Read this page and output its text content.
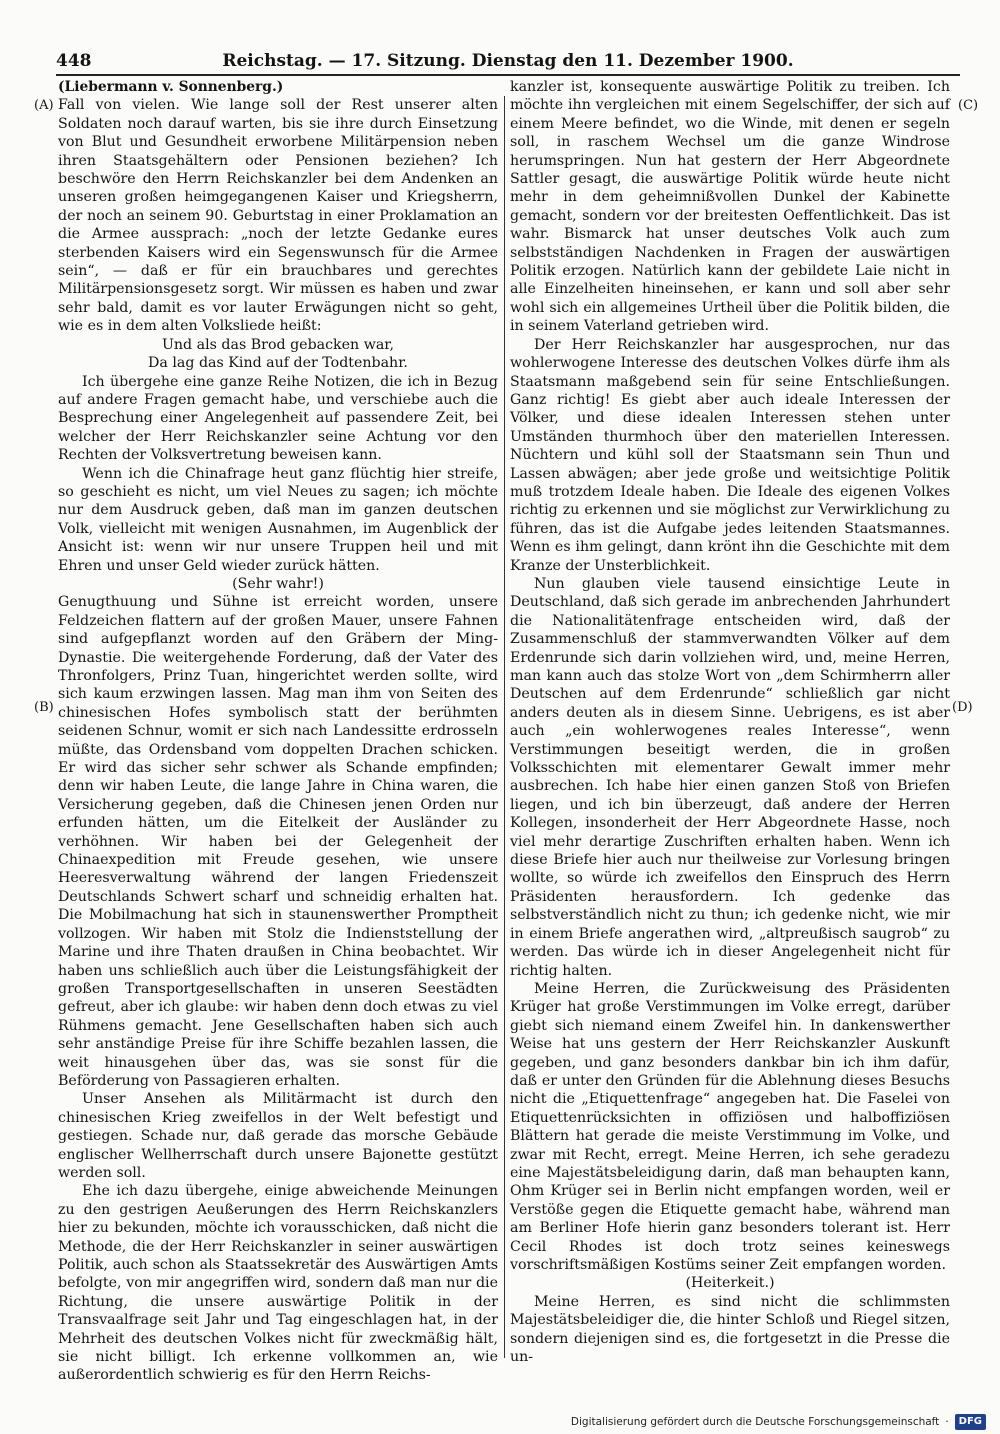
448	Reichstag. — 17. Sitzung. Dienstag den 11. Dezember 1900.
(A)
(B)
(C)
(D)

(Liebermann v. Sonnenberg.)

Fall von vielen. Wie lange soll der Rest unserer alten Soldaten noch darauf warten, bis sie ihre durch Einsetzung von Blut und Gesundheit erworbene Militärpension neben ihren Staatsgehältern oder Pensionen beziehen? Ich beschwöre den Herrn Reichskanzler bei dem Andenken an unseren großen heimgegangenen Kaiser und Kriegsherrn, der noch an seinem 90. Geburtstag in einer Proklamation an die Armee aussprach: „noch der letzte Gedanke eures sterbenden Kaisers wird ein Segenswunsch für die Armee sein“, — daß er für ein brauchbares und gerechtes Militärpensionsgesetz sorgt. Wir müssen es haben und zwar sehr bald, damit es vor lauter Erwägungen nicht so geht, wie es in dem alten Volksliede heißt:

Und als das Brod gebacken war,
Da lag das Kind auf der Todtenbahr.

Ich übergehe eine ganze Reihe Notizen, die ich in Bezug auf andere Fragen gemacht habe, und verschiebe auch die Besprechung einer Angelegenheit auf passendere Zeit, bei welcher der Herr Reichskanzler seine Achtung vor den Rechten der Volksvertretung beweisen kann.

Wenn ich die Chinafrage heut ganz flüchtig hier streife, so geschieht es nicht, um viel Neues zu sagen; ich möchte nur dem Ausdruck geben, daß man im ganzen deutschen Volk, vielleicht mit wenigen Ausnahmen, im Augenblick der Ansicht ist: wenn wir nur unsere Truppen heil und mit Ehren und unser Geld wieder zurück hätten.

(Sehr wahr!)

Genugthuung und Sühne ist erreicht worden, unsere Feldzeichen flattern auf der großen Mauer, unsere Fahnen sind aufgepflanzt worden auf den Gräbern der Ming-Dynastie. Die weitergehende Forderung, daß der Vater des Thronfolgers, Prinz Tuan, hingerichtet werden sollte, wird sich kaum erzwingen lassen. Mag man ihm von Seiten des chinesischen Hofes symbolisch statt der berühmten seidenen Schnur, womit er sich nach Landessitte erdrosseln müßte, das Ordensband vom doppelten Drachen schicken. Er wird das sicher sehr schwer als Schande empfinden; denn wir haben Leute, die lange Jahre in China waren, die Versicherung gegeben, daß die Chinesen jenen Orden nur erfunden hätten, um die Eitelkeit der Ausländer zu verhöhnen. Wir haben bei der Gelegenheit der Chinaexpedition mit Freude gesehen, wie unsere Heeresverwaltung während der langen Friedenszeit Deutschlands Schwert scharf und schneidig erhalten hat. Die Mobilmachung hat sich in staunenswerther Promptheit vollzogen. Wir haben mit Stolz die Indienststellung der Marine und ihre Thaten draußen in China beobachtet. Wir haben uns schließlich auch über die Leistungsfähigkeit der großen Transportgesellschaften in unseren Seestädten gefreut, aber ich glaube: wir haben denn doch etwas zu viel Rühmens gemacht. Jene Gesellschaften haben sich auch sehr anständige Preise für ihre Schiffe bezahlen lassen, die weit hinausgehen über das, was sie sonst für die Beförderung von Passagieren erhalten.

Unser Ansehen als Militärmacht ist durch den chinesischen Krieg zweifellos in der Welt befestigt und gestiegen. Schade nur, daß gerade das morsche Gebäude englischer Wellherrschaft durch unsere Bajonette gestützt werden soll.

Ehe ich dazu übergehe, einige abweichende Meinungen zu den gestrigen Aeußerungen des Herrn Reichskanzlers hier zu bekunden, möchte ich vorausschicken, daß nicht die Methode, die der Herr Reichskanzler in seiner auswärtigen Politik, auch schon als Staatssekretär des Auswärtigen Amts befolgte, von mir angegriffen wird, sondern daß man nur die Richtung, die unsere auswärtige Politik in der Transvaalfrage seit Jahr und Tag eingeschlagen hat, in der Mehrheit des deutschen Volkes nicht für zweckmäßig hält, sie nicht billigt. Ich erkenne vollkommen an, wie außerordentlich schwierig es für den Herrn Reichs-

kanzler ist, konsequente auswärtige Politik zu treiben. Ich möchte ihn vergleichen mit einem Segelschiffer, der sich auf einem Meere befindet, wo die Winde, mit denen er segeln soll, in raschem Wechsel um die ganze Windrose herumspringen. Nun hat gestern der Herr Abgeordnete Sattler gesagt, die auswärtige Politik würde heute nicht mehr in dem geheimnißvollen Dunkel der Kabinette gemacht, sondern vor der breitesten Oeffentlichkeit. Das ist wahr. Bismarck hat unser deutsches Volk auch zum selbstständigen Nachdenken in Fragen der auswärtigen Politik erzogen. Natürlich kann der gebildete Laie nicht in alle Einzelheiten hineinsehen, er kann und soll aber sehr wohl sich ein allgemeines Urtheil über die Politik bilden, die in seinem Vaterland getrieben wird.

Der Herr Reichskanzler har ausgesprochen, nur das wohlerwogene Interesse des deutschen Volkes dürfe ihm als Staatsmann maßgebend sein für seine Entschließungen. Ganz richtig! Es giebt aber auch ideale Interessen der Völker, und diese idealen Interessen stehen unter Umständen thurmhoch über den materiellen Interessen. Nüchtern und kühl soll der Staatsmann sein Thun und Lassen abwägen; aber jede große und weitsichtige Politik muß trotzdem Ideale haben. Die Ideale des eigenen Volkes richtig zu erkennen und sie möglichst zur Verwirklichung zu führen, das ist die Aufgabe jedes leitenden Staatsmannes. Wenn es ihm gelingt, dann krönt ihn die Geschichte mit dem Kranze der Unsterblichkeit.

Nun glauben viele tausend einsichtige Leute in Deutschland, daß sich gerade im anbrechenden Jahrhundert die Nationalitätenfrage entscheiden wird, daß der Zusammenschluß der stammverwandten Völker auf dem Erdenrunde sich darin vollziehen wird, und, meine Herren, man kann auch das stolze Wort von „dem Schirmherrn aller Deutschen auf dem Erdenrunde“ schließlich gar nicht anders deuten als in diesem Sinne. Uebrigens, es ist aber auch „ein wohlerwogenes reales Interesse“, wenn Verstimmungen beseitigt werden, die in großen Volksschichten mit elementarer Gewalt immer mehr ausbrechen. Ich habe hier einen ganzen Stoß von Briefen liegen, und ich bin überzeugt, daß andere der Herren Kollegen, insonderheit der Herr Abgeordnete Hasse, noch viel mehr derartige Zuschriften erhalten haben. Wenn ich diese Briefe hier auch nur theilweise zur Vorlesung bringen wollte, so würde ich zweifellos den Einspruch des Herrn Präsidenten herausfordern. Ich gedenke das selbstverständlich nicht zu thun; ich gedenke nicht, wie mir in einem Briefe angerathen wird, „altpreußisch saugrob“ zu werden. Das würde ich in dieser Angelegenheit nicht für richtig halten.

Meine Herren, die Zurückweisung des Präsidenten Krüger hat große Verstimmungen im Volke erregt, darüber giebt sich niemand einem Zweifel hin. In dankenswerther Weise hat uns gestern der Herr Reichskanzler Auskunft gegeben, und ganz besonders dankbar bin ich ihm dafür, daß er unter den Gründen für die Ablehnung dieses Besuchs nicht die „Etiquettenfrage“ angegeben hat. Die Faselei von Etiquettenrücksichten in offiziösen und halboffiziösen Blättern hat gerade die meiste Verstimmung im Volke, und zwar mit Recht, erregt. Meine Herren, ich sehe geradezu eine Majestätsbeleidigung darin, daß man behaupten kann, Ohm Krüger sei in Berlin nicht empfangen worden, weil er Verstöße gegen die Etiquette gemacht habe, während man am Berliner Hofe hierin ganz besonders tolerant ist. Herr Cecil Rhodes ist doch trotz seines keineswegs vorschriftsmäßigen Kostüms seiner Zeit empfangen worden.

(Heiterkeit.)

Meine Herren, es sind nicht die schlimmsten Majestätsbeleidiger die, die hinter Schloß und Riegel sitzen, sondern diejenigen sind es, die fortgesetzt in die Presse die un-

Digitalisierung gefördert durch die Deutsche Forschungsgemeinschaft ·	DFG
